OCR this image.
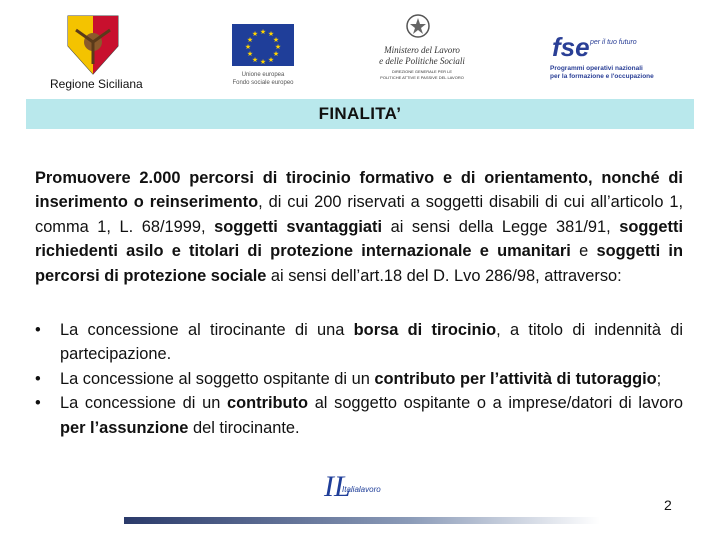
Regione Siciliana
★ ★
★
★
★
★
★
★
★
★
★
★
Unione europea
Fondo sociale europeo
Ministero del Lavoro
e delle Politiche Sociali
DIREZIONE GENERALE PER LE
POLITICHE ATTIVE E PASSIVE DEL LAVORO
fse per il tuo futuro
Programmi operativi nazionali
per la formazione e l'occupazione
FINALITA’
Promuovere 2.000 percorsi di tirocinio formativo e di orientamento, nonché di inserimento o reinserimento, di cui 200 riservati a soggetti disabili di cui all’articolo 1, comma 1, L. 68/1999, soggetti svantaggiati ai sensi della Legge 381/91, soggetti richiedenti asilo e titolari di protezione internazionale e umanitari e soggetti in percorsi di protezione sociale ai sensi dell’art.18 del D. Lvo 286/98, attraverso:
• La concessione al tirocinante di una borsa di tirocinio, a titolo di indennità di partecipazione.
• La concessione al soggetto ospitante di un contributo per l’attività di tutoraggio;
• La concessione di un contributo al soggetto ospitante o a imprese/datori di lavoro per l’assunzione del tirocinante.
IL
Italialavoro
2
